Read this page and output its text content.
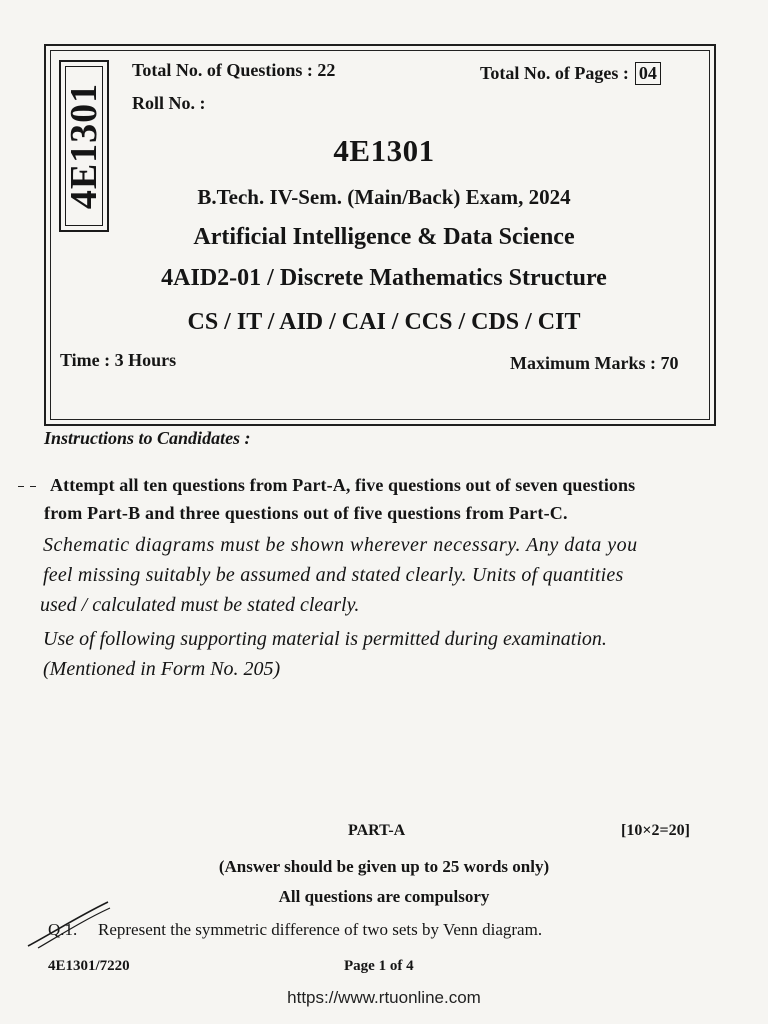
4E1301
Total No. of Questions : 22	Total No. of Pages : 04
Roll No. :
4E1301
B.Tech. IV-Sem. (Main/Back) Exam, 2024
Artificial Intelligence & Data Science
4AID2-01 / Discrete Mathematics Structure
CS / IT / AID / CAI / CCS / CDS / CIT
Time : 3 Hours	Maximum Marks : 70
Instructions to Candidates :
Attempt all ten questions from Part-A, five questions out of seven questions
from Part-B and three questions out of five questions from Part-C.
Schematic diagrams must be shown wherever necessary. Any data you
feel missing suitably be assumed and stated clearly. Units of quantities
used / calculated must be stated clearly.
Use of following supporting material is permitted during examination.
(Mentioned in Form No. 205)
PART-A	[10×2=20]
(Answer should be given up to 25 words only)
All questions are compulsory
Q.1. Represent the symmetric difference of two sets by Venn diagram.
4E1301/7220	Page 1 of 4
https://www.rtuonline.com
